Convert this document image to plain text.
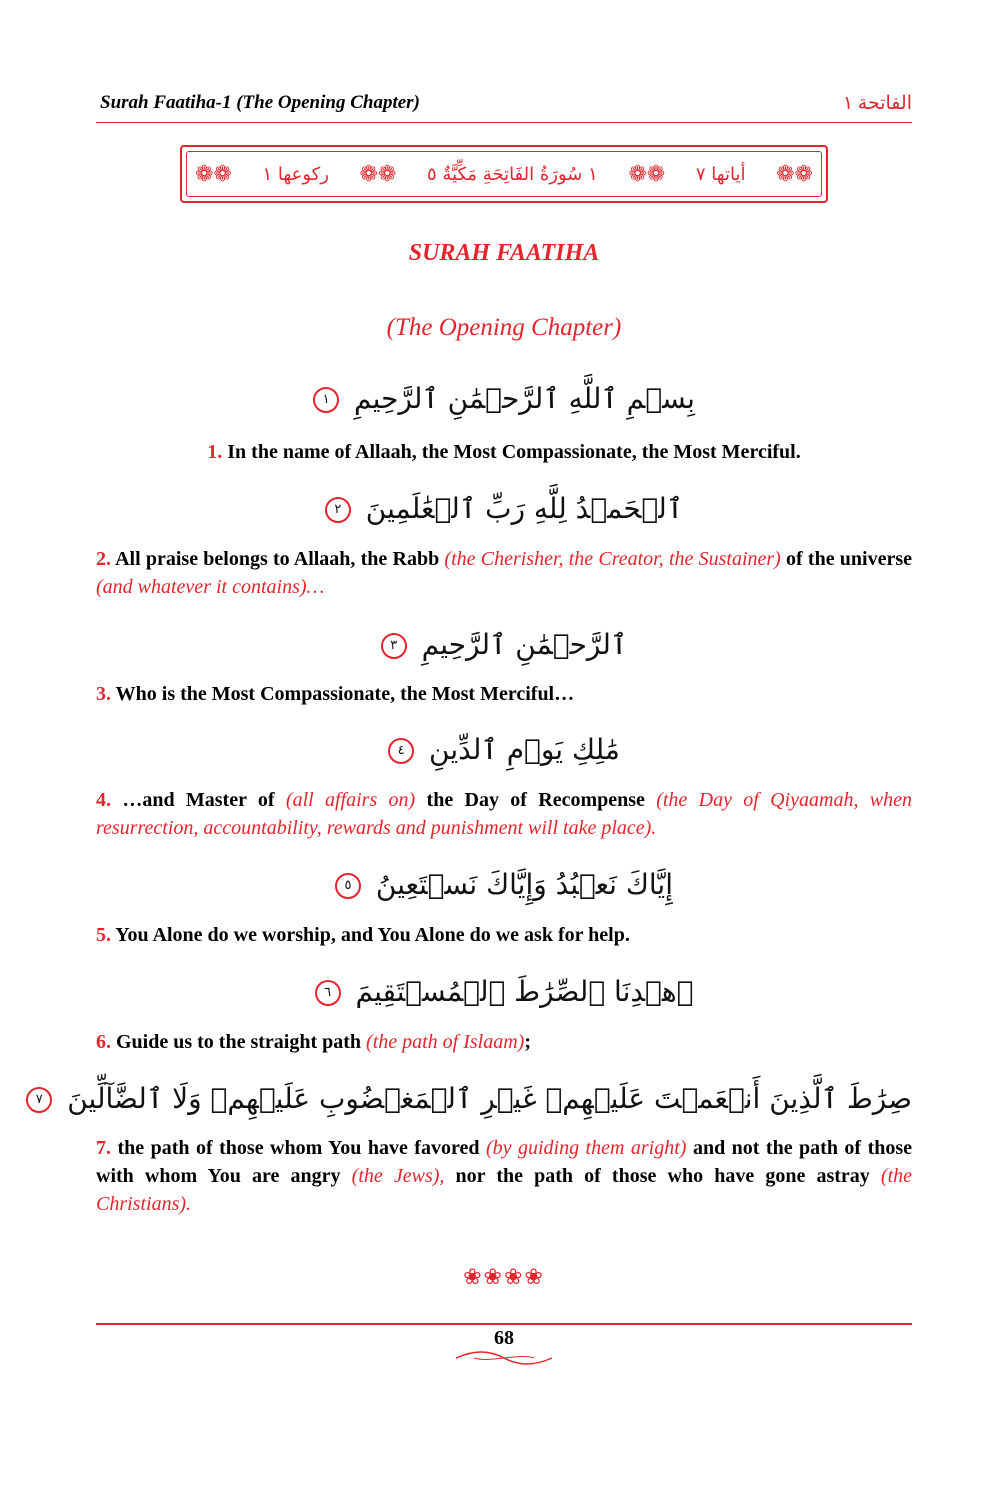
Surah Faatiha-1 (The Opening Chapter)	الفاتحة ١
❁❁
أياتها ٧
❁❁
١ سُورَةُ الفَاتِحَةِ مَكِّيَّةٌ ٥
❁❁
ركوعها ١
❁❁
SURAH FAATIHA
(The Opening Chapter)
بِسۡمِ ٱللَّهِ ٱلرَّحۡمَٰنِ ٱلرَّحِيمِ ١
1. In the name of Allaah, the Most Compassionate, the Most Merciful.
ٱلۡحَمۡدُ لِلَّهِ رَبِّ ٱلۡعَٰلَمِينَ ٢
2. All praise belongs to Allaah, the Rabb (the Cherisher, the Creator, the Sustainer) of the universe (and whatever it contains)…
ٱلرَّحۡمَٰنِ ٱلرَّحِيمِ ٣
3. Who is the Most Compassionate, the Most Merciful…
مَٰلِكِ يَوۡمِ ٱلدِّينِ ٤
4. …and Master of (all affairs on) the Day of Recompense (the Day of Qiyaamah, when resurrection, accountability, rewards and punishment will take place).
إِيَّاكَ نَعۡبُدُ وَإِيَّاكَ نَسۡتَعِينُ ٥
5. You Alone do we worship, and You Alone do we ask for help.
ٱهۡدِنَا ٱلصِّرَٰطَ ٱلۡمُسۡتَقِيمَ ٦
6. Guide us to the straight path (the path of Islaam);
صِرَٰطَ ٱلَّذِينَ أَنۡعَمۡتَ عَلَيۡهِمۡ غَيۡرِ ٱلۡمَغۡضُوبِ عَلَيۡهِمۡ وَلَا ٱلضَّآلِّينَ ٧
7. the path of those whom You have favored (by guiding them aright) and not the path of those with whom You are angry (the Jews), nor the path of those who have gone astray (the Christians).
❀❀❀❀
68
